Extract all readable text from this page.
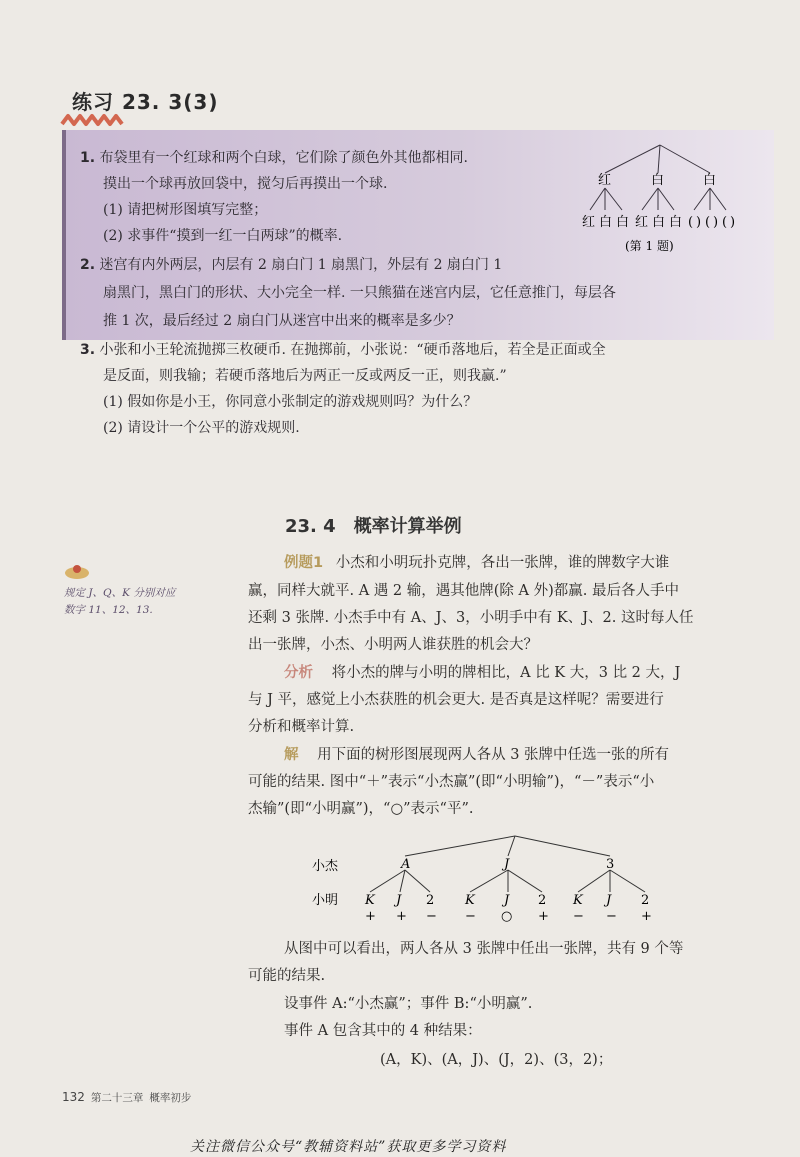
练习 23. 3(3)
1. 布袋里有一个红球和两个白球，它们除了颜色外其他都相同.
摸出一个球再放回袋中，搅匀后再摸出一个球.
(1) 请把树形图填写完整；
(2) 求事件“摸到一红一白两球”的概率.
红	白	白
红 白 白 红 白 白 ( ) ( ) ( )
(第 1 题)
2. 迷宫有内外两层，内层有 2 扇白门 1 扇黑门，外层有 2 扇白门 1
扇黑门，黑白门的形状、大小完全一样. 一只熊猫在迷宫内层，它任意推门，每层各
推 1 次，最后经过 2 扇白门从迷宫中出来的概率是多少？
3. 小张和小王轮流抛掷三枚硬币. 在抛掷前，小张说：“硬币落地后，若全是正面或全
是反面，则我输；若硬币落地后为两正一反或两反一正，则我赢.”
(1) 假如你是小王，你同意小张制定的游戏规则吗？为什么？
(2) 请设计一个公平的游戏规则.
23. 4 概率计算举例
规定 J、Q、K 分别对应
数字 11、12、13.
例题1 小杰和小明玩扑克牌，各出一张牌，谁的牌数字大谁
赢，同样大就平. A 遇 2 输，遇其他牌(除 A 外)都赢. 最后各人手中
还剩 3 张牌. 小杰手中有 A、J、3，小明手中有 K、J、2. 这时每人任
出一张牌，小杰、小明两人谁获胜的机会大？
分析 将小杰的牌与小明的牌相比，A 比 K 大，3 比 2 大，J
与 J 平，感觉上小杰获胜的机会更大. 是否真是这样呢？需要进行
分析和概率计算.
解 用下面的树形图展现两人各从 3 张牌中任选一张的所有
可能的结果. 图中“＋”表示“小杰赢”(即“小明输”)，“－”表示“小
杰输”(即“小明赢”)，“○”表示“平”.
小杰
小明
A	J	3
K J 2 K J 2 K J 2
+ + − − ○ + − − +
从图中可以看出，两人各从 3 张牌中任出一张牌，共有 9 个等
可能的结果.
设事件 A:“小杰赢”；事件 B:“小明赢”.
事件 A 包含其中的 4 种结果：
(A，K)、(A，J)、(J，2)、(3，2)；
132 第二十三章 概率初步
关注微信公众号“教辅资料站”获取更多学习资料
